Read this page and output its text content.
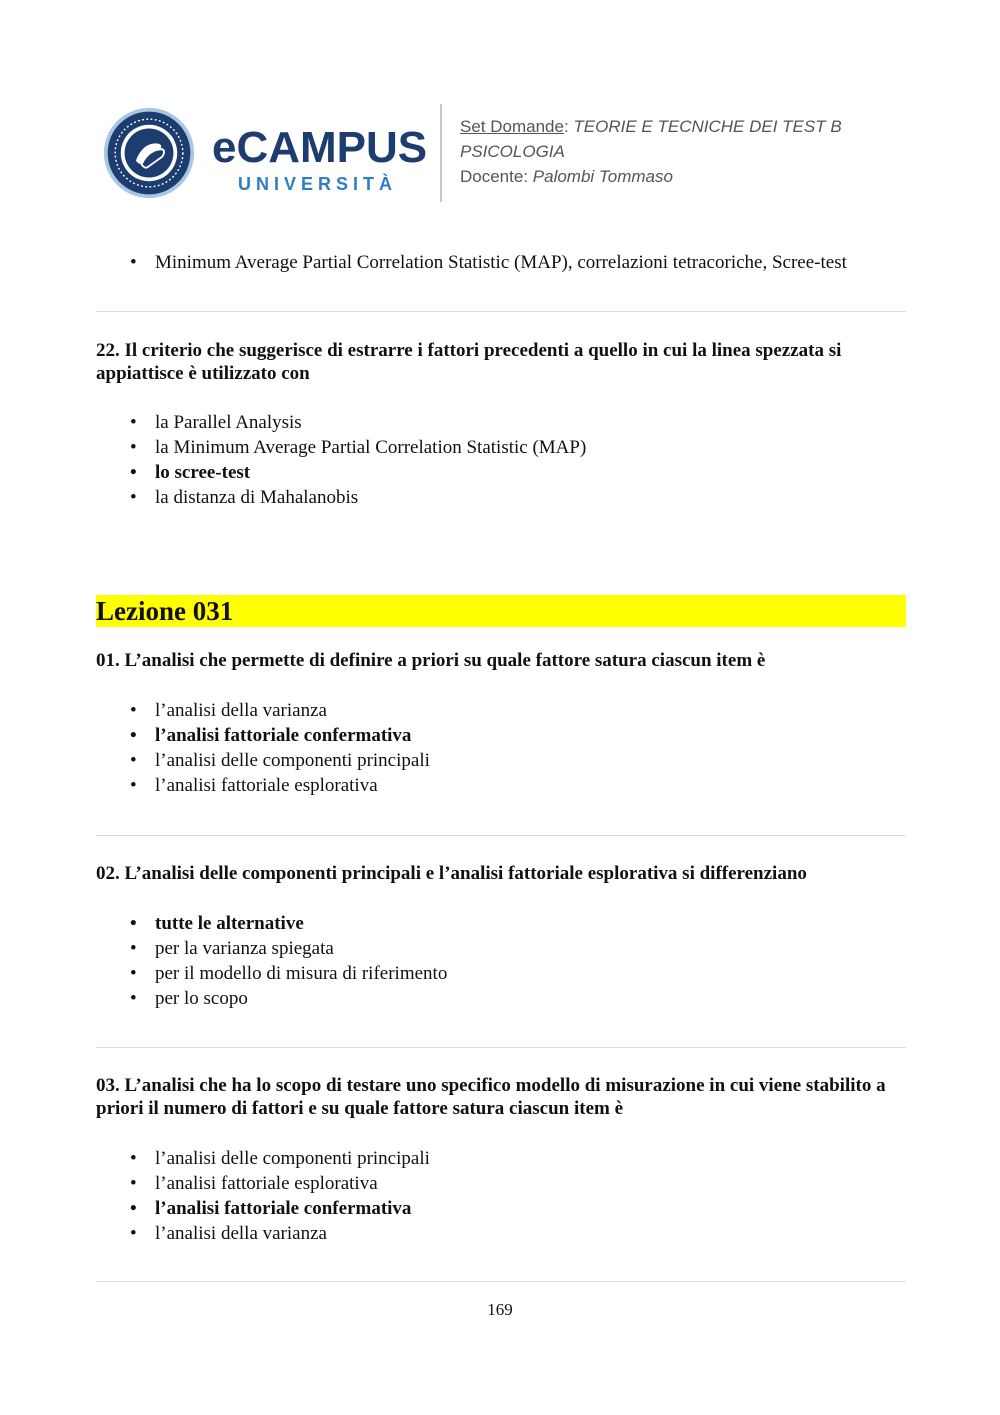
eCAMPUS
UNIVERSITÀ
Set Domande: TEORIE E TECNICHE DEI TEST B
PSICOLOGIA
Docente: Palombi Tommaso
• Minimum Average Partial Correlation Statistic (MAP), correlazioni tetracoriche, Scree-test

22. Il criterio che suggerisce di estrarre i fattori precedenti a quello in cui la linea spezzata si appiattisce è utilizzato con

• la Parallel Analysis
• la Minimum Average Partial Correlation Statistic (MAP)
• lo scree-test
• la distanza di Mahalanobis
Lezione 031

01. L’analisi che permette di definire a priori su quale fattore satura ciascun item è

• l’analisi della varianza
• l’analisi fattoriale confermativa
• l’analisi delle componenti principali
• l’analisi fattoriale esplorativa

02. L’analisi delle componenti principali e l’analisi fattoriale esplorativa si differenziano

• tutte le alternative
• per la varianza spiegata
• per il modello di misura di riferimento
• per lo scopo

03. L’analisi che ha lo scopo di testare uno specifico modello di misurazione in cui viene stabilito a priori il numero di fattori e su quale fattore satura ciascun item è

• l’analisi delle componenti principali
• l’analisi fattoriale esplorativa
• l’analisi fattoriale confermativa
• l’analisi della varianza
169
